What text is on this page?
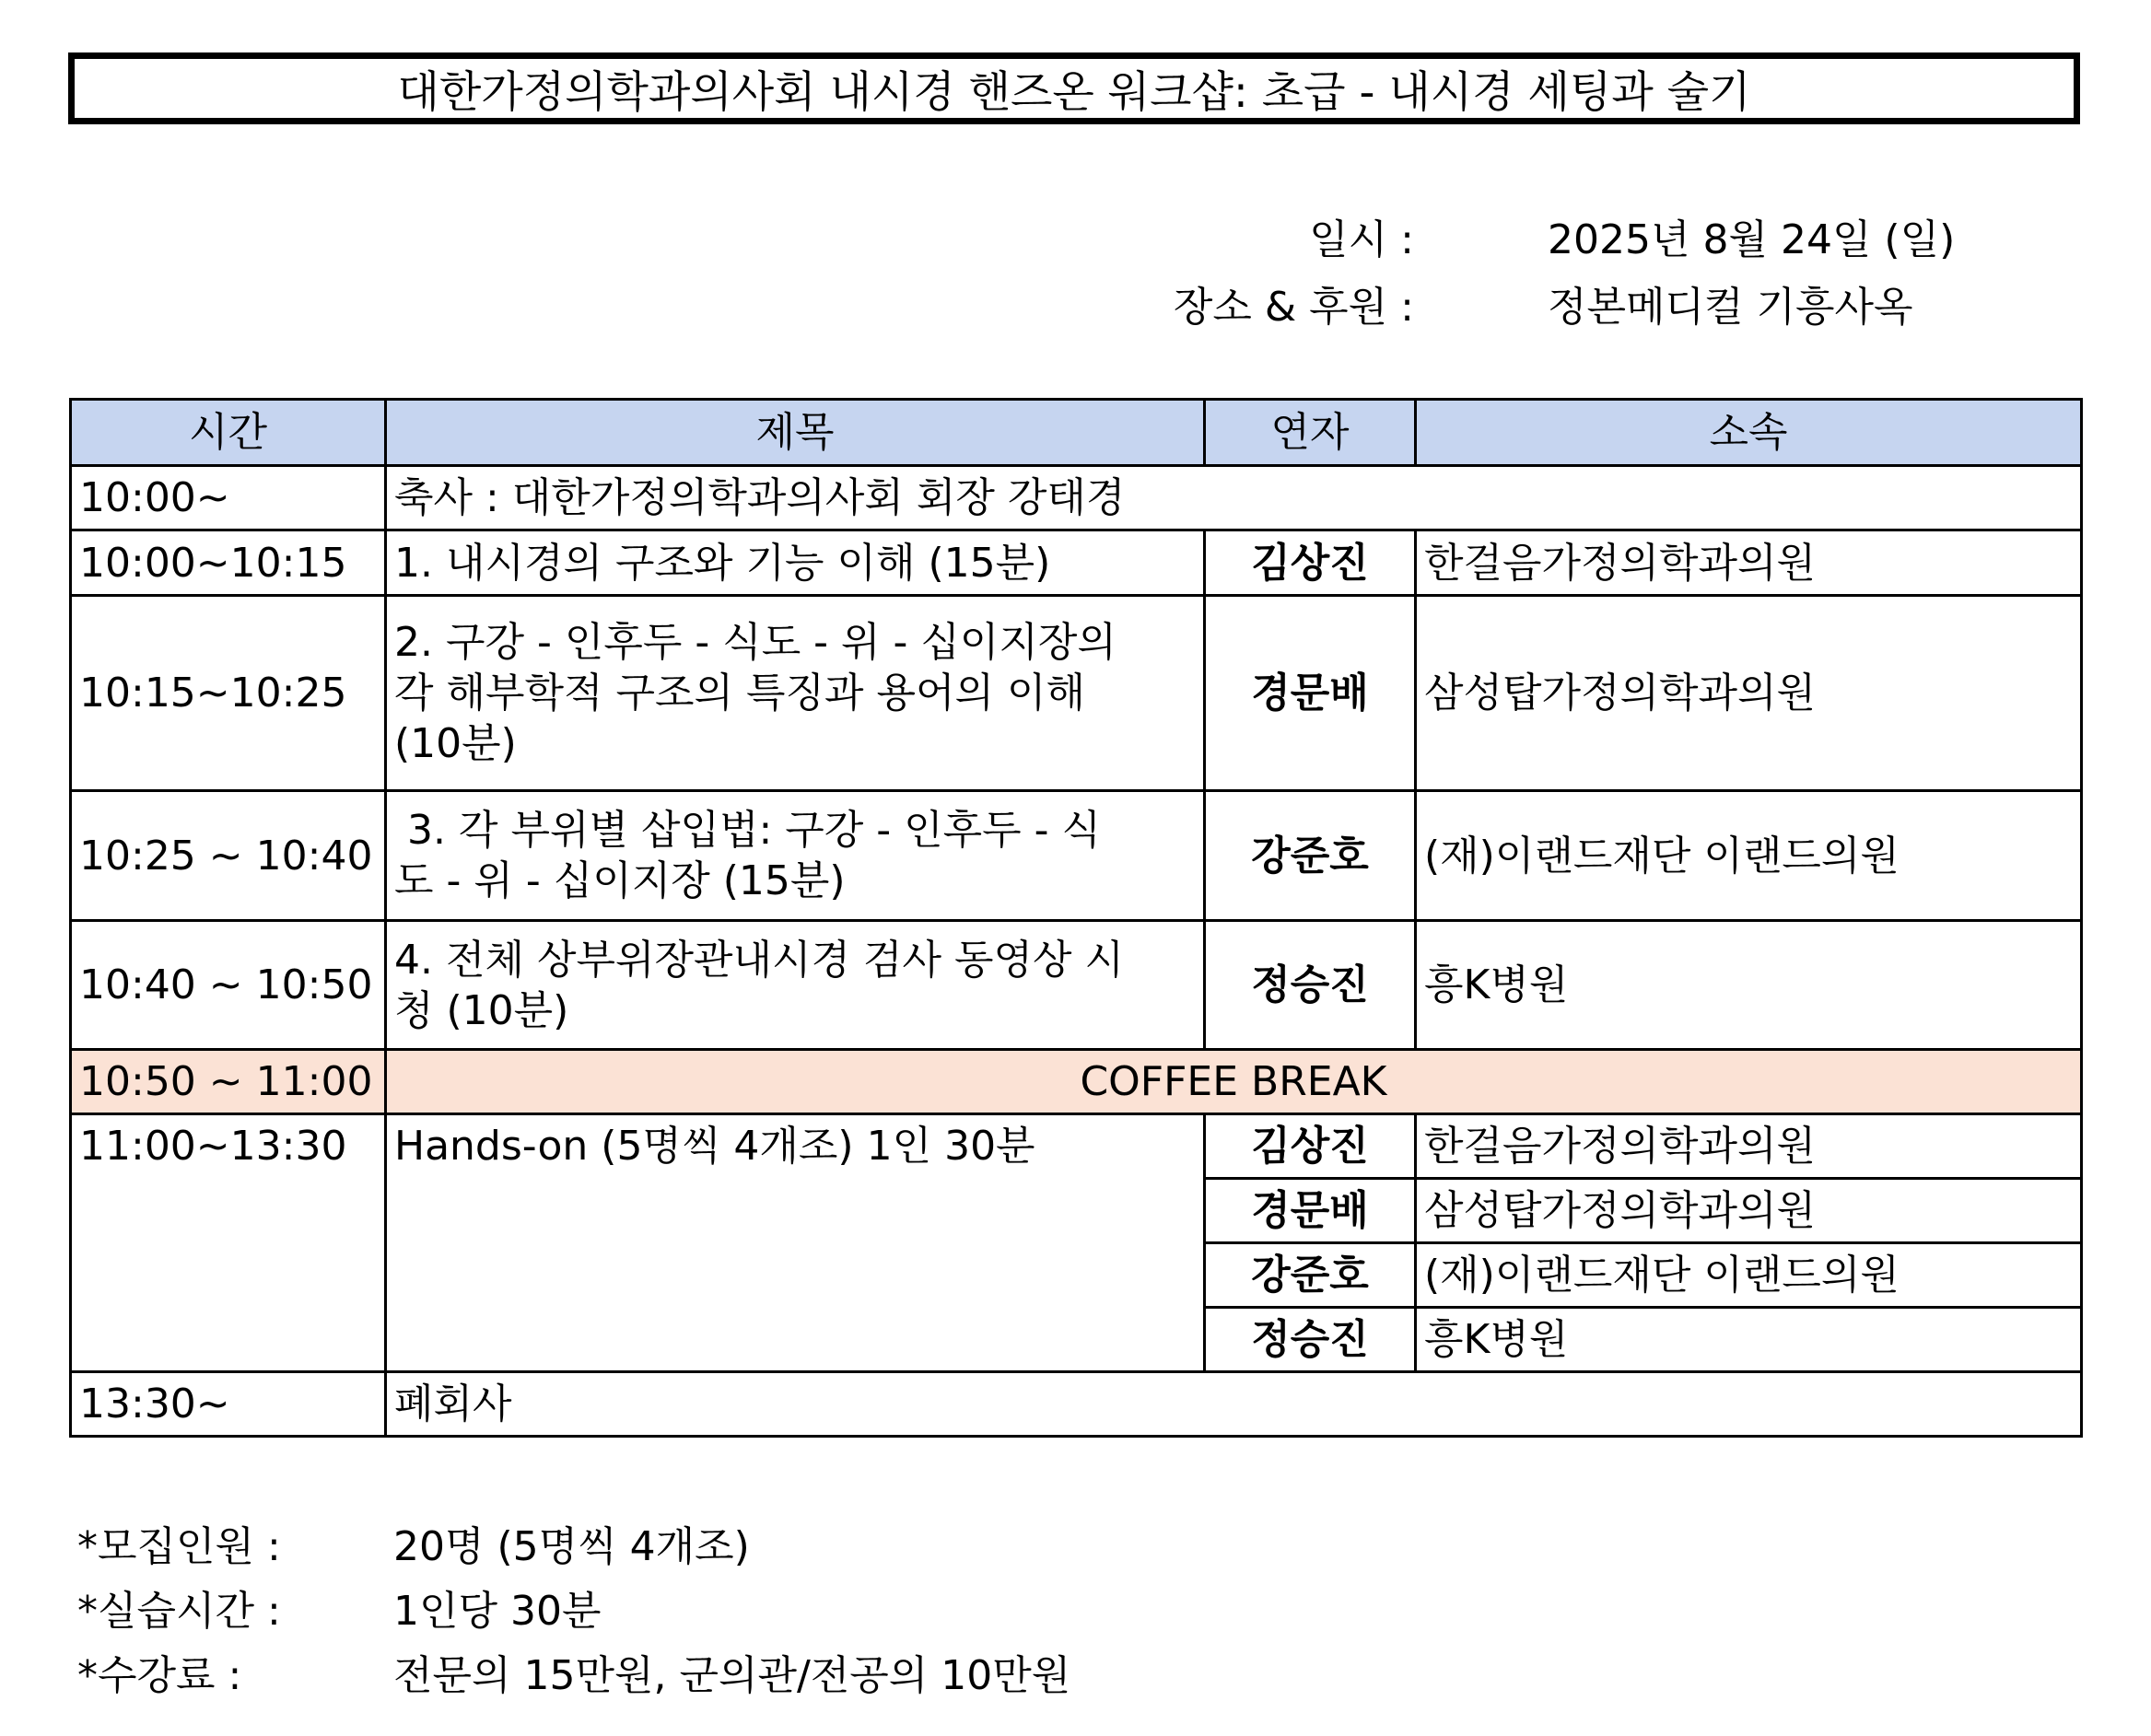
대한가정의학과의사회 내시경 핸즈온 워크샵: 초급 - 내시경 세팅과 술기
일시 :	2025년 8월 24일 (일)
장소 & 후원 :	정본메디컬 기흥사옥
시간	제목	연자	소속
10:00~	축사 : 대한가정의학과의사회 회장 강태경		
10:00~10:15	1. 내시경의 구조와 기능 이해 (15분)	김상진	한걸음가정의학과의원
10:15~10:25	2. 구강 - 인후두 - 식도 - 위 - 십이지장의
각 해부학적 구조의 특징과 용어의 이해
(10분)	경문배	삼성탑가정의학과의원
10:25 ~ 10:40	3. 각 부위별 삽입법: 구강 - 인후두 - 식
도 - 위 - 십이지장 (15분)	강준호	(재)이랜드재단 이랜드의원
10:40 ~ 10:50	4. 전체 상부위장관내시경 검사 동영상 시
청 (10분)	정승진	흥K병원
10:50 ~ 11:00	COFFEE BREAK		
11:00~13:30	Hands-on (5명씩 4개조) 1인 30분	김상진	한걸음가정의학과의원
		경문배	삼성탑가정의학과의원
		강준호	(재)이랜드재단 이랜드의원
		정승진	흥K병원
13:30~	폐회사		
*모집인원 :	20명 (5명씩 4개조)
*실습시간 :	1인당 30분
*수강료 :	전문의 15만원, 군의관/전공의 10만원
